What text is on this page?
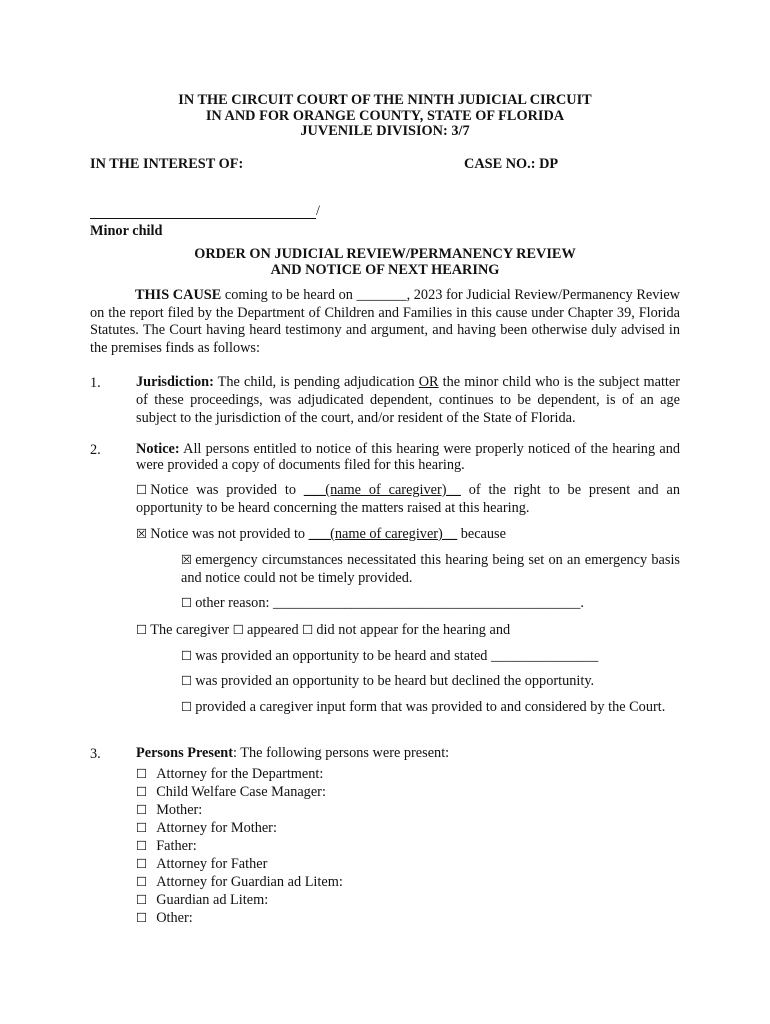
IN THE CIRCUIT COURT OF THE NINTH JUDICIAL CIRCUIT
IN AND FOR ORANGE COUNTY, STATE OF FLORIDA
JUVENILE DIVISION: 3/7
IN THE INTEREST OF:	CASE NO.: DP
/
Minor child
ORDER ON JUDICIAL REVIEW/PERMANENCY REVIEW
AND NOTICE OF NEXT HEARING
THIS CAUSE coming to be heard on _______, 2023 for Judicial Review/Permanency Review on the report filed by the Department of Children and Families in this cause under Chapter 39, Florida Statutes. The Court having heard testimony and argument, and having been otherwise duly advised in the premises finds as follows:
1. Jurisdiction: The child, is pending adjudication OR the minor child who is the subject matter of these proceedings, was adjudicated dependent, continues to be dependent, is of an age subject to the jurisdiction of the court, and/or resident of the State of Florida.
2. Notice: All persons entitled to notice of this hearing were properly noticed of the hearing and were provided a copy of documents filed for this hearing.
☐ Notice was provided to ___(name of caregiver)__ of the right to be present and an opportunity to be heard concerning the matters raised at this hearing.
☒ Notice was not provided to ___(name of caregiver)__ because
☒ emergency circumstances necessitated this hearing being set on an emergency basis and notice could not be timely provided.
☐ other reason: ___________________________________________.
☐ The caregiver ☐ appeared ☐ did not appear for the hearing and
☐ was provided an opportunity to be heard and stated _______________
☐ was provided an opportunity to be heard but declined the opportunity.
☐ provided a caregiver input form that was provided to and considered by the Court.
3. Persons Present: The following persons were present:
☐ Attorney for the Department:
☐ Child Welfare Case Manager:
☐ Mother:
☐ Attorney for Mother:
☐ Father:
☐ Attorney for Father
☐ Attorney for Guardian ad Litem:
☐ Guardian ad Litem:
☐ Other:
